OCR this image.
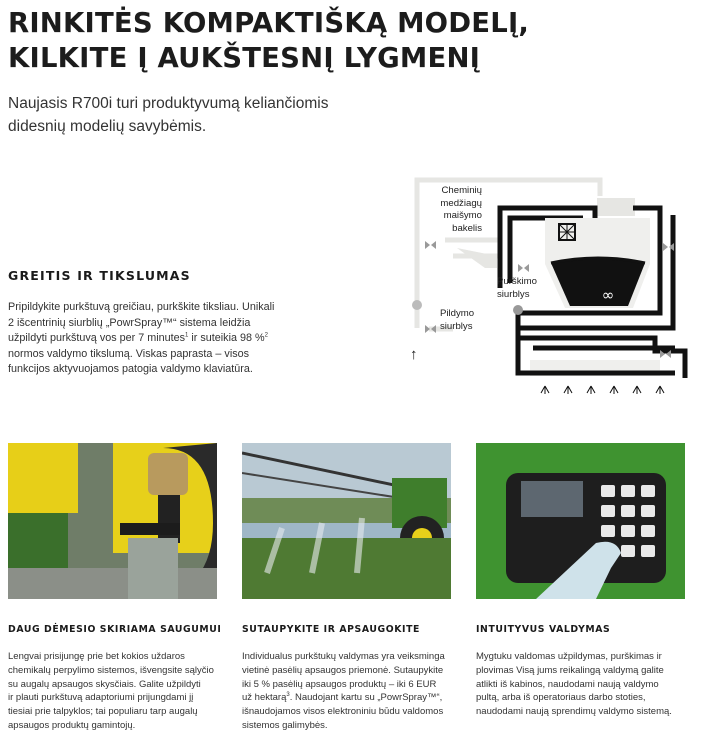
RINKITĖS KOMPAKTIŠKĄ MODELĮ,
KILKITE Į AUKŠTESNĮ LYGMENĮ
Naujasis R700i turi produktyvumą keliančiomis
didesnių modelių savybėmis.
GREITIS IR TIKSLUMAS
Pripildykite purkštuvą greičiau, purkškite tiksliau. Unikali
2 išcentrinių siurblių „PowrSpray™“ sistema leidžia
užpildyti purkštuvą vos per 7 minutes$^1$ ir suteikia 98 %$^2$
normos valdymo tikslumą. Viskas paprasta – visos
funkcijos aktyvuojamos patogia valdymo klaviatūra.
∞
Cheminių
medžiagų
maišymo
bakelis
Purškimo
siurblys
Pildymo
siurblys
↑
DAUG DĖMESIO SKIRIAMA SAUGUMUI
Lengvai prisijungę prie bet kokios uždaros
chemikalų perpylimo sistemos, išvengsite sąlyčio
su augalų apsaugos skysčiais. Galite užpildyti
ir plauti purkštuvą adaptoriumi prijungdami jį
tiesiai prie talpyklos; tai populiaru tarp augalų
apsaugos produktų gamintojų.
SUTAUPYKITE IR APSAUGOKITE
Individualus purkštukų valdymas yra veiksminga
vietinė pasėlių apsaugos priemonė. Sutaupykite
iki 5 % pasėlių apsaugos produktų – iki 6 EUR
už hektarą$^3$. Naudojant kartu su „PowrSpray™“,
išnaudojamos visos elektroniniu būdu valdomos
sistemos galimybės.
INTUITYVUS VALDYMAS
Mygtuku valdomas užpildymas, purškimas ir
plovimas Visą jums reikalingą valdymą galite
atlikti iš kabinos, naudodami naują valdymo
pultą, arba iš operatoriaus darbo stoties,
naudodami naują sprendimų valdymo sistemą.
